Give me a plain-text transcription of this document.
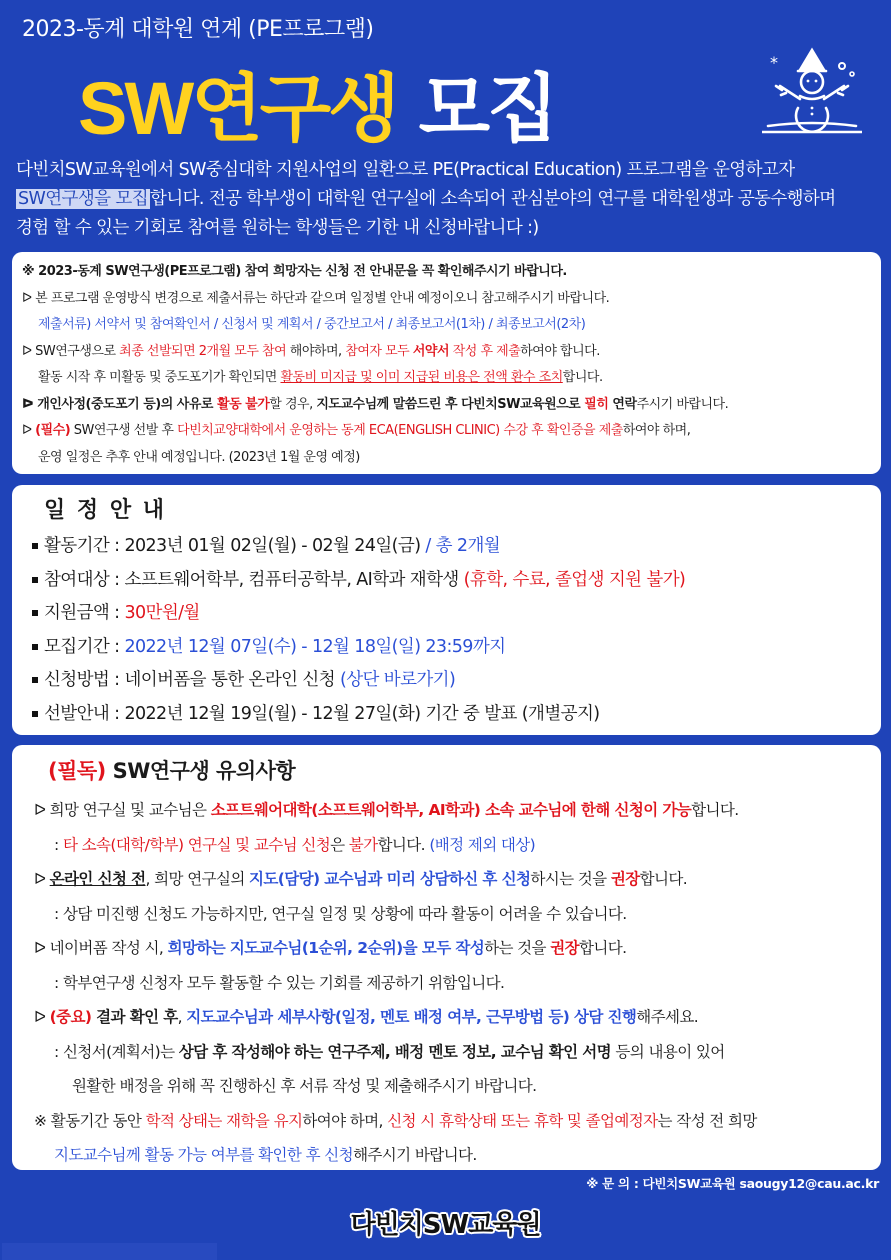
2023-동계 대학원 연계 (PE프로그램)
SW연구생 모집
*
다빈치SW교육원에서 SW중심대학 지원사업의 일환으로 PE(Practical Education) 프로그램을 운영하고자
SW연구생을 모집 합니다. 전공 학부생이 대학원 연구실에 소속되어 관심분야의 연구를 대학원생과 공동수행하며
경험 할 수 있는 기회로 참여를 원하는 학생들은 기한 내 신청바랍니다 :)
※ 2023-동계 SW연구생(PE프로그램) 참여 희망자는 신청 전 안내문을 꼭 확인해주시기 바랍니다.
ᐅ 본 프로그램 운영방식 변경으로 제출서류는 하단과 같으며 일정별 안내 예정이오니 참고해주시기 바랍니다.
제출서류) 서약서 및 참여확인서 / 신청서 및 계획서 / 중간보고서 / 최종보고서(1차) / 최종보고서(2차)
ᐅ SW연구생으로 최종 선발되면 2개월 모두 참여 해야하며, 참여자 모두 서약서 작성 후 제출하여야 합니다.
활동 시작 후 미활동 및 중도포기가 확인되면 활동비 미지급 및 이미 지급된 비용은 전액 환수 조치합니다.
ᐅ 개인사정(중도포기 등)의 사유로 활동 불가할 경우, 지도교수님께 말씀드린 후 다빈치SW교육원으로 필히 연락주시기 바랍니다.
ᐅ (필수) SW연구생 선발 후 다빈치교양대학에서 운영하는 동계 ECA(ENGLISH CLINIC) 수강 후 확인증을 제출하여야 하며,
운영 일정은 추후 안내 예정입니다. (2023년 1월 운영 예정)
일 정 안 내
활동기간 : 2023년 01월 02일(월) - 02월 24일(금) / 총 2개월
참여대상 : 소프트웨어학부, 컴퓨터공학부, AI학과 재학생 (휴학, 수료, 졸업생 지원 불가)
지원금액 : 30만원/월
모집기간 : 2022년 12월 07일(수) - 12월 18일(일) 23:59까지
신청방법 : 네이버폼을 통한 온라인 신청 (상단 바로가기)
선발안내 : 2022년 12월 19일(월) - 12월 27일(화) 기간 중 발표 (개별공지)
(필독) SW연구생 유의사항
ᐅ 희망 연구실 및 교수님은 소프트웨어대학(소프트웨어학부, AI학과) 소속 교수님에 한해 신청이 가능합니다.
: 타 소속(대학/학부) 연구실 및 교수님 신청은 불가합니다. (배정 제외 대상)
ᐅ 온라인 신청 전, 희망 연구실의 지도(담당) 교수님과 미리 상담하신 후 신청하시는 것을 권장합니다.
: 상담 미진행 신청도 가능하지만, 연구실 일정 및 상황에 따라 활동이 어려울 수 있습니다.
ᐅ 네이버폼 작성 시, 희망하는 지도교수님(1순위, 2순위)을 모두 작성하는 것을 권장합니다.
: 학부연구생 신청자 모두 활동할 수 있는 기회를 제공하기 위함입니다.
ᐅ (중요) 결과 확인 후, 지도교수님과 세부사항(일정, 멘토 배정 여부, 근무방법 등) 상담 진행해주세요.
: 신청서(계획서)는 상담 후 작성해야 하는 연구주제, 배정 멘토 정보, 교수님 확인 서명 등의 내용이 있어
원활한 배정을 위해 꼭 진행하신 후 서류 작성 및 제출해주시기 바랍니다.
※ 활동기간 동안 학적 상태는 재학을 유지하여야 하며, 신청 시 휴학상태 또는 휴학 및 졸업예정자는 작성 전 희망
지도교수님께 활동 가능 여부를 확인한 후 신청해주시기 바랍니다.
※ 문 의 : 다빈치SW교육원 saougy12@cau.ac.kr
다빈치SW교육원
